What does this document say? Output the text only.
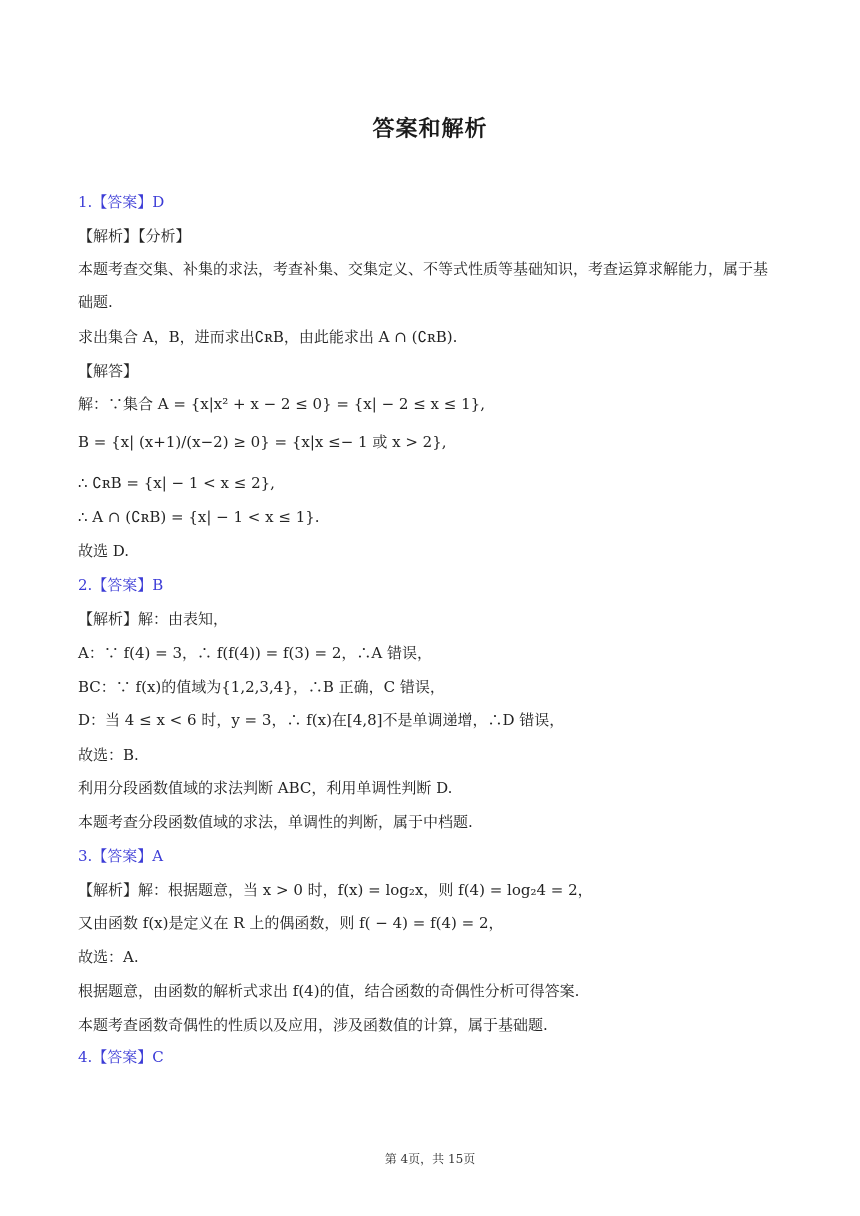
答案和解析
1.【答案】D
【解析】【分析】
本题考查交集、补集的求法，考查补集、交集定义、不等式性质等基础知识，考查运算求解能力，属于基
础题.
求出集合 A，B，进而求出∁ʀB，由此能求出 A ∩ (∁ʀB).
【解答】
解：∵集合 A = {x|x² + x − 2 ≤ 0} = {x| − 2 ≤ x ≤ 1},
B = {x| (x+1)/(x−2) ≥ 0} = {x|x ≤− 1 或 x > 2},
∴ ∁ʀB = {x| − 1 < x ≤ 2},
∴ A ∩ (∁ʀB) = {x| − 1 < x ≤ 1}.
故选 D.
2.【答案】B
【解析】解：由表知，
A：∵ f(4) = 3，∴ f(f(4)) = f(3) = 2，∴A 错误，
BC：∵ f(x)的值域为{1,2,3,4}，∴B 正确，C 错误，
D：当 4 ≤ x < 6 时，y = 3，∴ f(x)在[4,8]不是单调递增，∴D 错误，
故选：B.
利用分段函数值域的求法判断 ABC，利用单调性判断 D.
本题考查分段函数值域的求法，单调性的判断，属于中档题.
3.【答案】A
【解析】解：根据题意，当 x > 0 时，f(x) = log₂x，则 f(4) = log₂4 = 2，
又由函数 f(x)是定义在 R 上的偶函数，则 f( − 4) = f(4) = 2，
故选：A.
根据题意，由函数的解析式求出 f(4)的值，结合函数的奇偶性分析可得答案.
本题考查函数奇偶性的性质以及应用，涉及函数值的计算，属于基础题.
4.【答案】C
第 4页，共 15页
